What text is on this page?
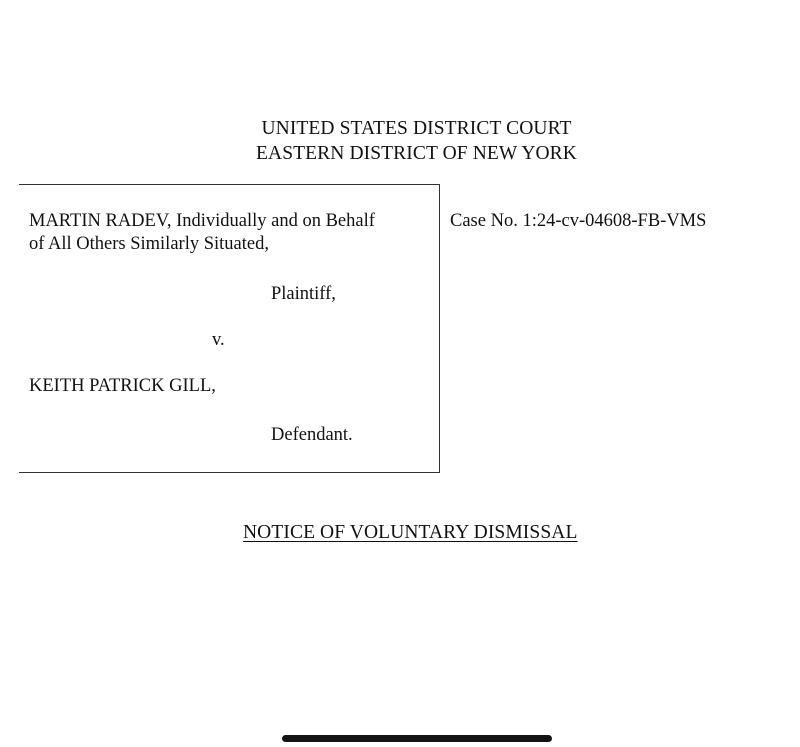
UNITED STATES DISTRICT COURT
EASTERN DISTRICT OF NEW YORK
MARTIN RADEV, Individually and on Behalf
of All Others Similarly Situated,
Plaintiff,
v.
KEITH PATRICK GILL,
Defendant.
Case No. 1:24-cv-04608-FB-VMS
NOTICE OF VOLUNTARY DISMISSAL
